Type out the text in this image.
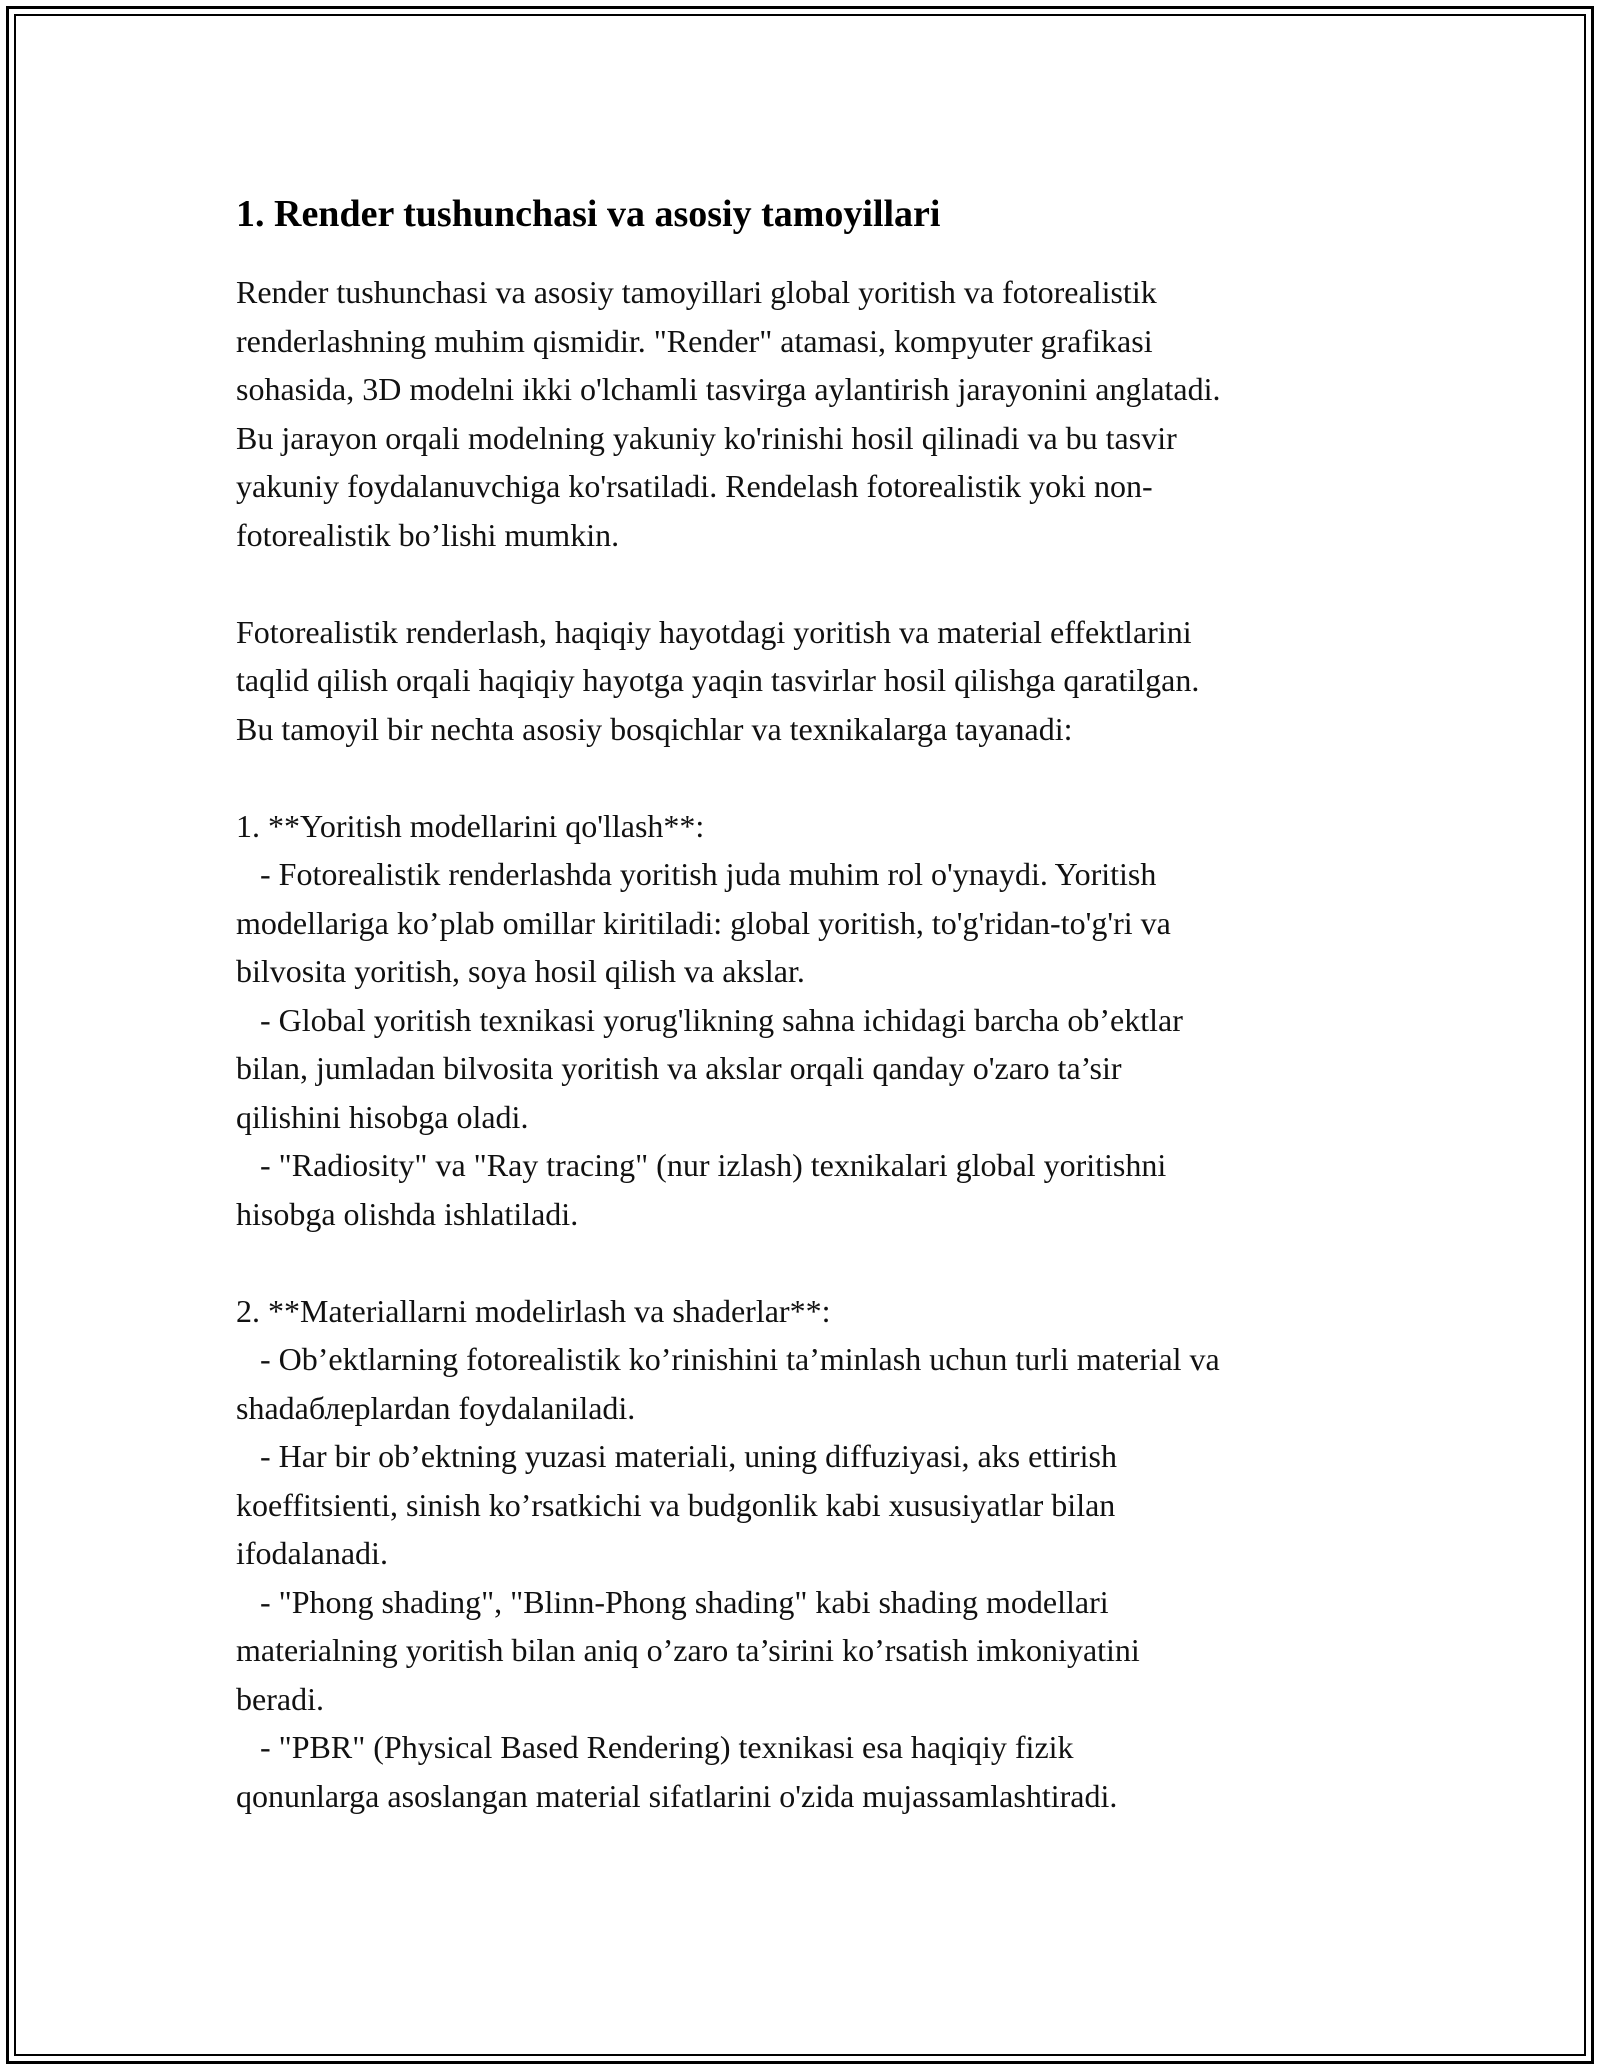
1. Render tushunchasi va asosiy tamoyillari

Render tushunchasi va asosiy tamoyillari global yoritish va fotorealistik
renderlashning muhim qismidir. "Render" atamasi, kompyuter grafikasi
sohasida, 3D modelni ikki o'lchamli tasvirga aylantirish jarayonini anglatadi.
Bu jarayon orqali modelning yakuniy ko'rinishi hosil qilinadi va bu tasvir
yakuniy foydalanuvchiga ko'rsatiladi. Rendelash fotorealistik yoki non-
fotorealistik bo’lishi mumkin.

Fotorealistik renderlash, haqiqiy hayotdagi yoritish va material effektlarini
taqlid qilish orqali haqiqiy hayotga yaqin tasvirlar hosil qilishga qaratilgan.
Bu tamoyil bir nechta asosiy bosqichlar va texnikalarga tayanadi:

1. **Yoritish modellarini qo'llash**:
- Fotorealistik renderlashda yoritish juda muhim rol o'ynaydi. Yoritish
modellariga ko’plab omillar kiritiladi: global yoritish, to'g'ridan-to'g'ri va
bilvosita yoritish, soya hosil qilish va akslar.
- Global yoritish texnikasi yorug'likning sahna ichidagi barcha ob’ektlar
bilan, jumladan bilvosita yoritish va akslar orqali qanday o'zaro ta’sir
qilishini hisobga oladi.
- "Radiosity" va "Ray tracing" (nur izlash) texnikalari global yoritishni
hisobga olishda ishlatiladi.

2. **Materiallarni modelirlash va shaderlar**:
- Ob’ektlarning fotorealistik ko’rinishini ta’minlash uchun turli material va
shadaблерlardan foydalaniladi.
- Har bir ob’ektning yuzasi materiali, uning diffuziyasi, aks ettirish
koeffitsienti, sinish ko’rsatkichi va budgonlik kabi xususiyatlar bilan
ifodalanadi.
- "Phong shading", "Blinn-Phong shading" kabi shading modellari
materialning yoritish bilan aniq o’zaro ta’sirini ko’rsatish imkoniyatini
beradi.
- "PBR" (Physical Based Rendering) texnikasi esa haqiqiy fizik
qonunlarga asoslangan material sifatlarini o'zida mujassamlashtiradi.
